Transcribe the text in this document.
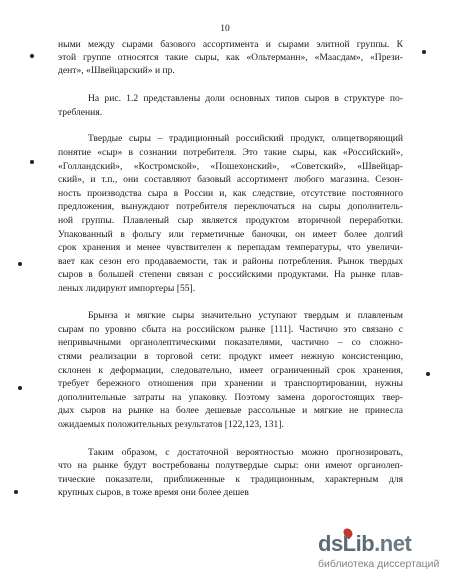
10
ными между сырами базового ассортимента и сырами элитной группы. К
этой группе относятся такие сыры, как «Ольтерманн», «Маасдам», «Прези-
дент», «Швейцарский» и пр.
На рис. 1.2 представлены доли основных типов сыров в структуре по-
требления.
Твердые сыры – традиционный российский продукт, олицетворяющий
понятие «сыр» в сознании потребителя. Это такие сыры, как «Российский»,
«Голландский», «Костромской», «Пошехонский», «Советский», «Швейцар-
ский», и т.п., они составляют базовый ассортимент любого магазина. Сезон-
ность производства сыра в России и, как следствие, отсутствие постоянного
предложения, вынуждают потребителя переключаться на сыры дополнитель-
ной группы. Плавленый сыр является продуктом вторичной переработки.
Упакованный в фольгу или герметичные баночки, он имеет более долгий
срок хранения и менее чувствителен к перепадам температуры, что увеличи-
вает как сезон его продаваемости, так и районы потребления. Рынок твердых
сыров в большей степени связан с российскими продуктами. На рынке плав-
леных лидируют импортеры [55].
Брынза и мягкие сыры значительно уступают твердым и плавленым
сырам по уровню сбыта на российском рынке [111]. Частично это связано с
непривычными органолептическими показателями, частично – со сложно-
стями реализации в торговой сети: продукт имеет нежную консистенцию,
склонен к деформации, следовательно, имеет ограниченный срок хранения,
требует бережного отношения при хранении и транспортировании, нужны
дополнительные затраты на упаковку. Поэтому замена дорогостоящих твер-
дых сыров на рынке на более дешевые рассольные и мягкие не принесла
ожидаемых положительных результатов [122,123, 131].
Таким образом, с достаточной вероятностью можно прогнозировать,
что на рынке будут востребованы полутвердые сыры: они имеют органолеп-
тические показатели, приближенные к традиционным, характерным для
крупных сыров, в тоже время они более дешев
dsLib.net
библиотека диссертаций
